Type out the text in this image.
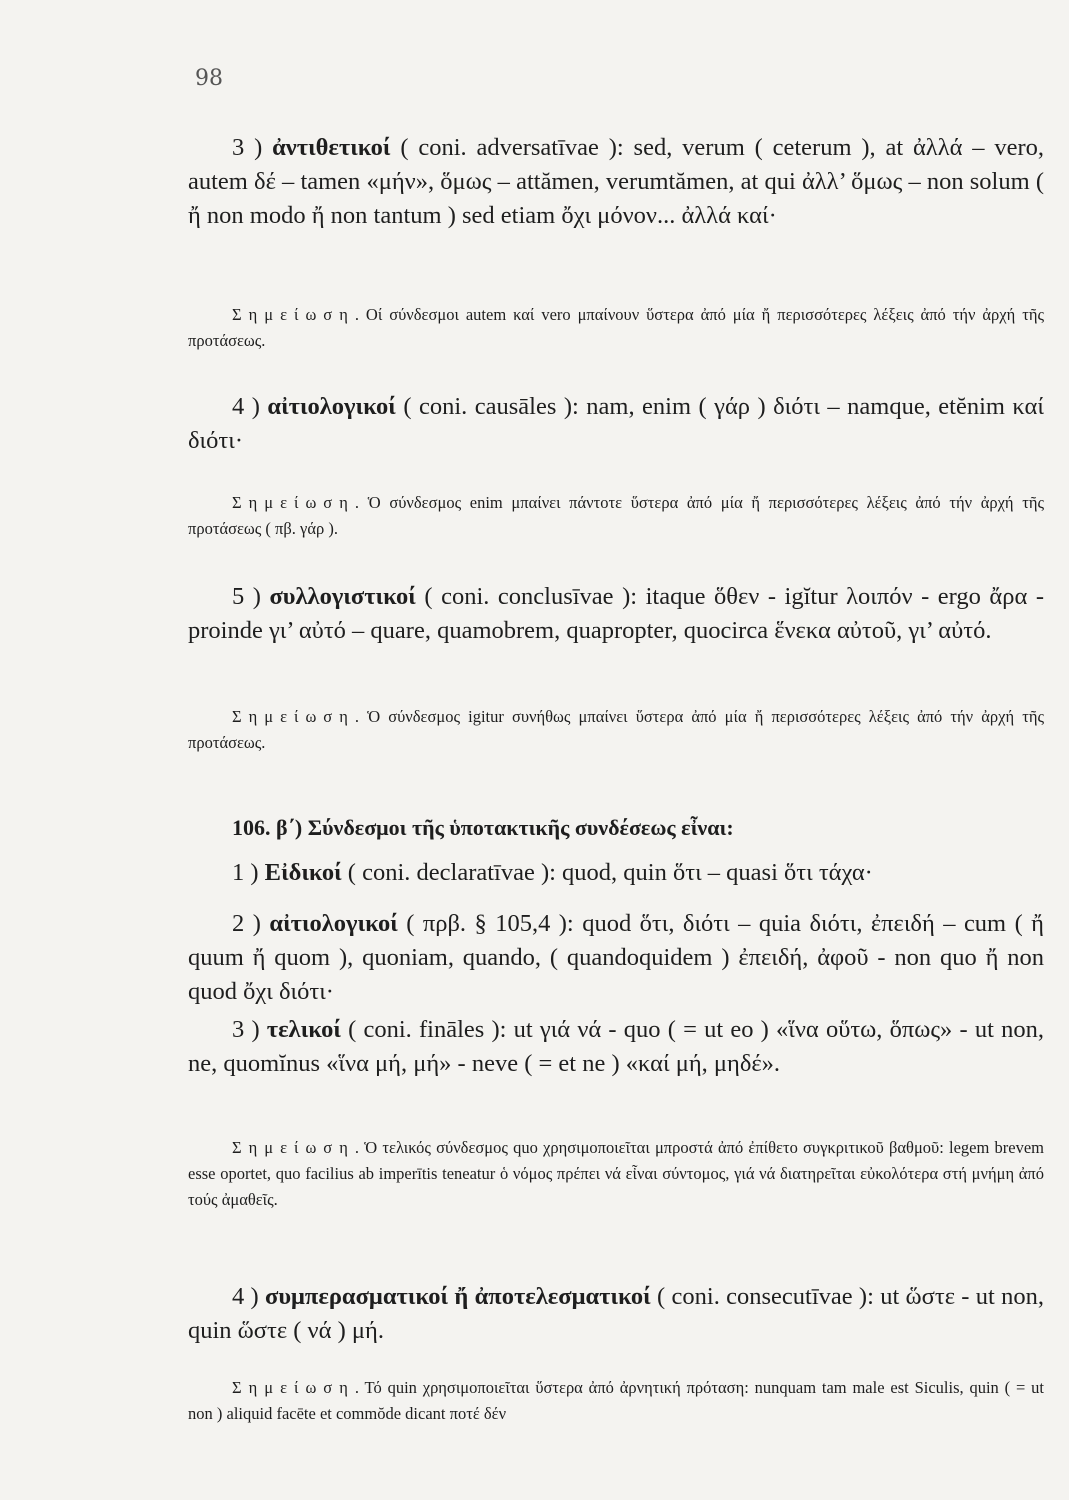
98
3 ) ἀντιθετικοί ( coni. adversatīvae ): sed, verum ( ceterum ), at ἀλλά – vero, autem δέ – tamen «μήν», ὅμως – attămen, verumtămen, at qui ἀλλ’ ὅμως – non solum ( ἤ non modo ἤ non tantum ) sed etiam ὄχι μόνον... ἀλλά καί·
Σημείωση. Οί σύνδεσμοι autem καί vero μπαίνουν ὕστερα ἀπό μία ἤ περισσότερες λέξεις ἀπό τήν ἀρχή τῆς προτάσεως.
4 ) αἰτιολογικοί ( coni. causāles ): nam, enim ( γάρ ) διότι – namque, etĕnim καί διότι·
Σημείωση. Ὁ σύνδεσμος enim μπαίνει πάντοτε ὕστερα ἀπό μία ἤ περισσότερες λέξεις ἀπό τήν ἀρχή τῆς προτάσεως ( πβ. γάρ ).
5 ) συλλογιστικοί ( coni. conclusīvae ): itaque ὅθεν - igĭtur λοιπόν - ergo ἄρα - proinde γι’ αὐτό – quare, quamobrem, quapropter, quocirca ἕνεκα αὐτοῦ, γι’ αὐτό.
Σημείωση. Ὁ σύνδεσμος igitur συνήθως μπαίνει ὕστερα ἀπό μία ἤ περισσότερες λέξεις ἀπό τήν ἀρχή τῆς προτάσεως.
106. β΄) Σύνδεσμοι τῆς ὑποτακτικῆς συνδέσεως εἶναι:
1 ) Εἰδικοί ( coni. declaratīvae ): quod, quin ὅτι – quasi ὅτι τάχα·
2 ) αἰτιολογικοί ( πρβ. § 105,4 ): quod ὅτι, διότι – quia διότι, ἐπειδή – cum ( ἤ quum ἤ quom ), quoniam, quando, ( quandoquidem ) ἐπειδή, ἀφοῦ - non quo ἤ non quod ὄχι διότι·
3 ) τελικοί ( coni. fināles ): ut γιά νά - quo ( = ut eo ) «ἵνα οὕτω, ὅπως» - ut non, ne, quomĭnus «ἵνα μή, μή» - neve ( = et ne ) «καί μή, μηδέ».
Σημείωση. Ὁ τελικός σύνδεσμος quo χρησιμοποιεῖται μπροστά ἀπό ἐπίθετο συγκριτικοῦ βαθμοῦ: legem brevem esse oportet, quo facilius ab imperītis teneatur ὁ νόμος πρέπει νά εἶναι σύντομος, γιά νά διατηρεῖται εὐκολότερα στή μνήμη ἀπό τούς ἀμαθεῖς.
4 ) συμπερασματικοί ἤ ἀποτελεσματικοί ( coni. consecutīvae ): ut ὥστε - ut non, quin ὥστε ( νά ) μή.
Σημείωση. Τό quin χρησιμοποιεῖται ὕστερα ἀπό ἀρνητική πρόταση: nunquam tam male est Siculis, quin ( = ut non ) aliquid facēte et commŏde dicant ποτέ δέν
